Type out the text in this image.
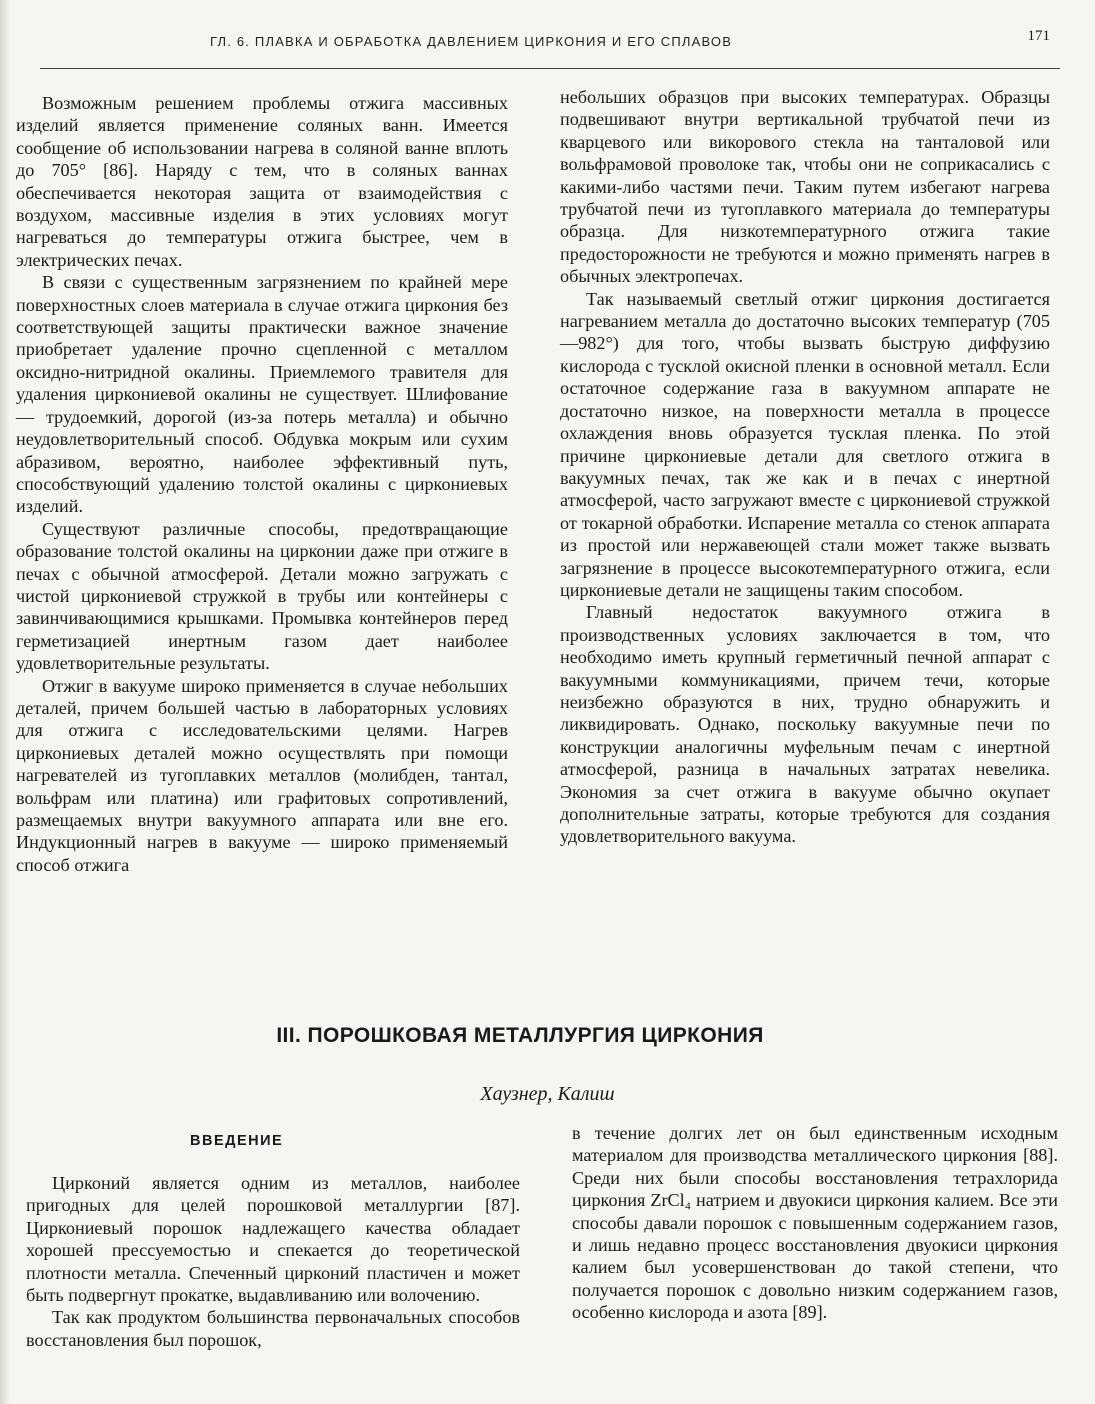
ГЛ. 6. ПЛАВКА И ОБРАБОТКА ДАВЛЕНИЕМ ЦИРКОНИЯ И ЕГО СПЛАВОВ	171

Возможным решением проблемы отжига массивных изделий является применение соляных ванн. Имеется сообщение об использовании нагрева в соляной ванне вплоть до 705° [86]. Наряду с тем, что в соляных ваннах обеспечивается некоторая защита от взаимодействия с воздухом, массивные изделия в этих условиях могут нагреваться до температуры отжига быстрее, чем в электрических печах.

В связи с существенным загрязнением по крайней мере поверхностных слоев материала в случае отжига циркония без соответствующей защиты практически важное значение приобретает удаление прочно сцепленной с металлом оксидно-нитридной окалины. Приемлемого травителя для удаления циркониевой окалины не существует. Шлифование — трудоемкий, дорогой (из-за потерь металла) и обычно неудовлетворительный способ. Обдувка мокрым или сухим абразивом, вероятно, наиболее эффективный путь, способствующий удалению толстой окалины с циркониевых изделий.

Существуют различные способы, предотвращающие образование толстой окалины на цирконии даже при отжиге в печах с обычной атмосферой. Детали можно загружать с чистой циркониевой стружкой в трубы или контейнеры с завинчивающимися крышками. Промывка контейнеров перед герметизацией инертным газом дает наиболее удовлетворительные результаты.

Отжиг в вакууме широко применяется в случае небольших деталей, причем большей частью в лабораторных условиях для отжига с исследовательскими целями. Нагрев циркониевых деталей можно осуществлять при помощи нагревателей из тугоплавких металлов (молибден, тантал, вольфрам или платина) или графитовых сопротивлений, размещаемых внутри вакуумного аппарата или вне его. Индукционный нагрев в вакууме — широко применяемый способ отжига

небольших образцов при высоких температурах. Образцы подвешивают внутри вертикальной трубчатой печи из кварцевого или викорового стекла на танталовой или вольфрамовой проволоке так, чтобы они не соприкасались с какими-либо частями печи. Таким путем избегают нагрева трубчатой печи из тугоплавкого материала до температуры образца. Для низкотемпературного отжига такие предосторожности не требуются и можно применять нагрев в обычных электропечах.

Так называемый светлый отжиг циркония достигается нагреванием металла до достаточно высоких температур (705—982°) для того, чтобы вызвать быструю диффузию кислорода с тусклой окисной пленки в основной металл. Если остаточное содержание газа в вакуумном аппарате не достаточно низкое, на поверхности металла в процессе охлаждения вновь образуется тусклая пленка. По этой причине циркониевые детали для светлого отжига в вакуумных печах, так же как и в печах с инертной атмосферой, часто загружают вместе с циркониевой стружкой от токарной обработки. Испарение металла со стенок аппарата из простой или нержавеющей стали может также вызвать загрязнение в процессе высокотемпературного отжига, если циркониевые детали не защищены таким способом.

Главный недостаток вакуумного отжига в производственных условиях заключается в том, что необходимо иметь крупный герметичный печной аппарат с вакуумными коммуникациями, причем течи, которые неизбежно образуются в них, трудно обнаружить и ликвидировать. Однако, поскольку вакуумные печи по конструкции аналогичны муфельным печам с инертной атмосферой, разница в начальных затратах невелика. Экономия за счет отжига в вакууме обычно окупает дополнительные затраты, которые требуются для создания удовлетворительного вакуума.

III. ПОРОШКОВАЯ МЕТАЛЛУРГИЯ ЦИРКОНИЯ
Хаузнер, Калиш
ВВЕДЕНИЕ

Цирконий является одним из металлов, наиболее пригодных для целей порошковой металлургии [87]. Циркониевый порошок надлежащего качества обладает хорошей прессуемостью и спекается до теоретической плотности металла. Спеченный цирконий пластичен и может быть подвергнут прокатке, выдавливанию или волочению.

Так как продуктом большинства первоначальных способов восстановления был порошок,

в течение долгих лет он был единственным исходным материалом для производства металлического циркония [88]. Среди них были способы восстановления тетрахлорида циркония ZrCl₄ натрием и двуокиси циркония калием. Все эти способы давали порошок с повышенным содержанием газов, и лишь недавно процесс восстановления двуокиси циркония калием был усовершенствован до такой степени, что получается порошок с довольно низким содержанием газов, особенно кислорода и азота [89].
